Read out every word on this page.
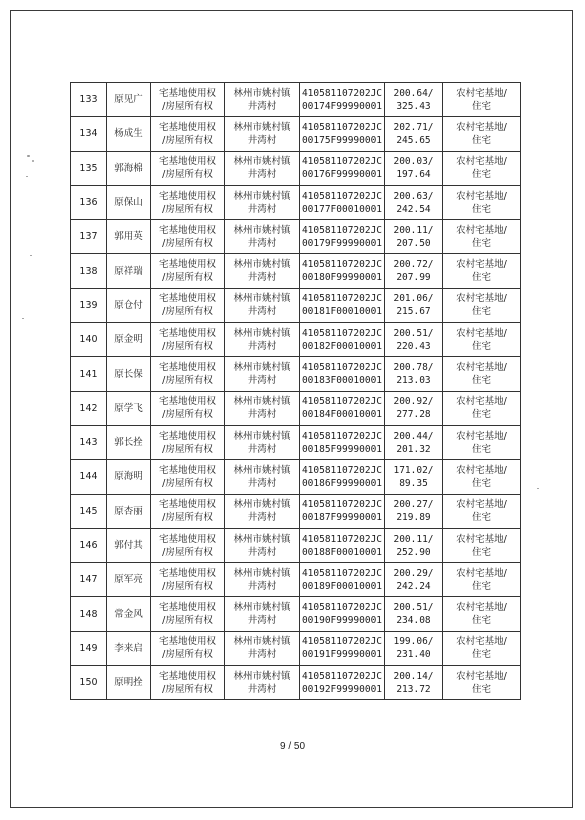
133	原见广	宅基地使用权
/房屋所有权	林州市姚村镇
井湾村	410581107202JC
00174F99990001	200.64/
325.43	农村宅基地/
住宅

134	杨成生	宅基地使用权
/房屋所有权	林州市姚村镇
井湾村	410581107202JC
00175F99990001	202.71/
245.65	农村宅基地/
住宅

135	郭海棉	宅基地使用权
/房屋所有权	林州市姚村镇
井湾村	410581107202JC
00176F99990001	200.03/
197.64	农村宅基地/
住宅

136	原保山	宅基地使用权
/房屋所有权	林州市姚村镇
井湾村	410581107202JC
00177F00010001	200.63/
242.54	农村宅基地/
住宅

137	郭用英	宅基地使用权
/房屋所有权	林州市姚村镇
井湾村	410581107202JC
00179F99990001	200.11/
207.50	农村宅基地/
住宅

138	原祥瑞	宅基地使用权
/房屋所有权	林州市姚村镇
井湾村	410581107202JC
00180F99990001	200.72/
207.99	农村宅基地/
住宅

139	原仓付	宅基地使用权
/房屋所有权	林州市姚村镇
井湾村	410581107202JC
00181F00010001	201.06/
215.67	农村宅基地/
住宅

140	原金明	宅基地使用权
/房屋所有权	林州市姚村镇
井湾村	410581107202JC
00182F00010001	200.51/
220.43	农村宅基地/
住宅

141	原长保	宅基地使用权
/房屋所有权	林州市姚村镇
井湾村	410581107202JC
00183F00010001	200.78/
213.03	农村宅基地/
住宅

142	原学飞	宅基地使用权
/房屋所有权	林州市姚村镇
井湾村	410581107202JC
00184F00010001	200.92/
277.28	农村宅基地/
住宅

143	郭长拴	宅基地使用权
/房屋所有权	林州市姚村镇
井湾村	410581107202JC
00185F99990001	200.44/
201.32	农村宅基地/
住宅

144	原海明	宅基地使用权
/房屋所有权	林州市姚村镇
井湾村	410581107202JC
00186F99990001	171.02/
89.35	农村宅基地/
住宅

145	原杏丽	宅基地使用权
/房屋所有权	林州市姚村镇
井湾村	410581107202JC
00187F99990001	200.27/
219.89	农村宅基地/
住宅

146	郭付其	宅基地使用权
/房屋所有权	林州市姚村镇
井湾村	410581107202JC
00188F00010001	200.11/
252.90	农村宅基地/
住宅

147	原军亮	宅基地使用权
/房屋所有权	林州市姚村镇
井湾村	410581107202JC
00189F00010001	200.29/
242.24	农村宅基地/
住宅

148	常金风	宅基地使用权
/房屋所有权	林州市姚村镇
井湾村	410581107202JC
00190F99990001	200.51/
234.08	农村宅基地/
住宅

149	李来启	宅基地使用权
/房屋所有权	林州市姚村镇
井湾村	410581107202JC
00191F99990001	199.06/
231.40	农村宅基地/
住宅

150	原明拴	宅基地使用权
/房屋所有权	林州市姚村镇
井湾村	410581107202JC
00192F99990001	200.14/
213.72	农村宅基地/
住宅
9 / 50
